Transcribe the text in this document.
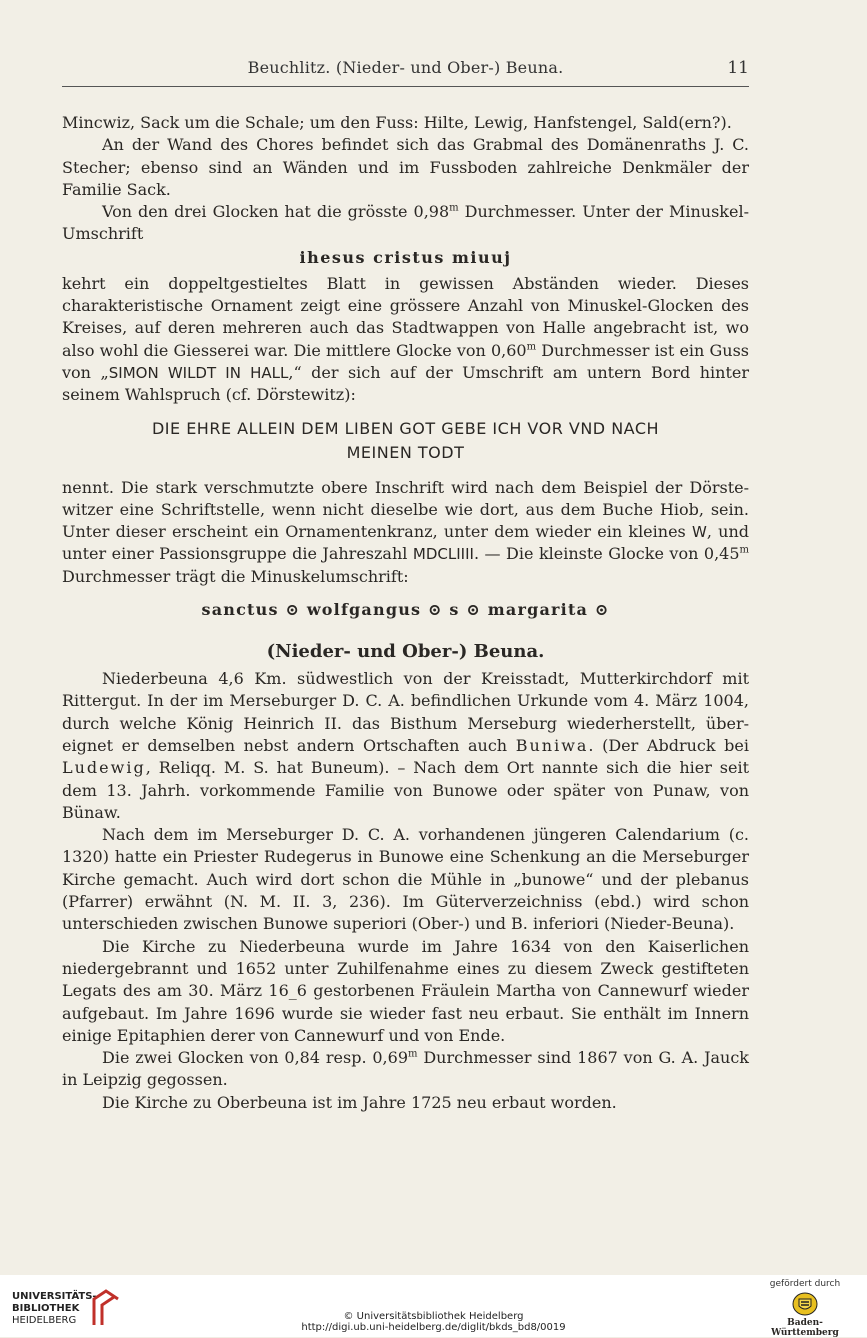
Beuchlitz. (Nieder- und Ober-) Beuna.	11

Mincwiz, Sack um die Schale; um den Fuss: Hilte, Lewig, Hanfstengel, Sald(ern?).

An der Wand des Chores befindet sich das Grabmal des Domänenraths J. C. Stecher; ebenso sind an Wänden und im Fussboden zahlreiche Denkmäler der Familie Sack.

Von den drei Glocken hat die grösste 0,98$^m$ Durchmesser. Unter der Minuskel-Umschrift

ihesus cristus miuuj

kehrt ein doppeltgestieltes Blatt in gewissen Abständen wieder. Dieses charakteristische Ornament zeigt eine grössere Anzahl von Minuskel-Glocken des Kreises, auf deren mehreren auch das Stadtwappen von Halle angebracht ist, wo also wohl die Giesserei war. Die mittlere Glocke von 0,60$^m$ Durchmesser ist ein Guss von „SIMON WILDT IN HALL,“ der sich auf der Umschrift am untern Bord hinter seinem Wahlspruch (cf. Dörstewitz):

DIE EHRE ALLEIN DEM LIBEN GOT GEBE ICH VOR VND NACH
MEINEN TODT

nennt. Die stark verschmutzte obere Inschrift wird nach dem Beispiel der Dörste-witzer eine Schriftstelle, wenn nicht dieselbe wie dort, aus dem Buche Hiob, sein. Unter dieser erscheint ein Ornamentenkranz, unter dem wieder ein kleines W, und unter einer Passionsgruppe die Jahreszahl MDCLIIII. — Die kleinste Glocke von 0,45$^m$ Durchmesser trägt die Minuskelumschrift:

sanctus ⊙ wolfgangus ⊙ s ⊙ margarita ⊙
(Nieder- und Ober-) Beuna.

Niederbeuna 4,6 Km. südwestlich von der Kreisstadt, Mutterkirchdorf mit Rittergut. In der im Merseburger D. C. A. befindlichen Urkunde vom 4. März 1004, durch welche König Heinrich II. das Bisthum Merseburg wiederherstellt, über-eignet er demselben nebst andern Ortschaften auch Buniwa. (Der Abdruck bei Ludewig, Reliqq. M. S. hat Buneum). – Nach dem Ort nannte sich die hier seit dem 13. Jahrh. vorkommende Familie von Bunowe oder später von Punaw, von Bünaw.

Nach dem im Merseburger D. C. A. vorhandenen jüngeren Calendarium (c. 1320) hatte ein Priester Rudegerus in Bunowe eine Schenkung an die Merseburger Kirche gemacht. Auch wird dort schon die Mühle in „bunowe“ und der plebanus (Pfarrer) erwähnt (N. M. II. 3, 236). Im Güterverzeichniss (ebd.) wird schon unterschieden zwischen Bunowe superiori (Ober-) und B. inferiori (Nieder-Beuna).

Die Kirche zu Niederbeuna wurde im Jahre 1634 von den Kaiserlichen niedergebrannt und 1652 unter Zuhilfenahme eines zu diesem Zweck gestifteten Legats des am 30. März 16_6 gestorbenen Fräulein Martha von Cannewurf wieder aufgebaut. Im Jahre 1696 wurde sie wieder fast neu erbaut. Sie enthält im Innern einige Epitaphien derer von Cannewurf und von Ende.

Die zwei Glocken von 0,84 resp. 0,69$^m$ Durchmesser sind 1867 von G. A. Jauck in Leipzig gegossen.

Die Kirche zu Oberbeuna ist im Jahre 1725 neu erbaut worden.

UNIVERSITÄTS-
BIBLIOTHEK
HEIDELBERG	© Universitätsbibliothek Heidelberg
http://digi.ub.uni-heidelberg.de/diglit/bkds_bd8/0019
gefördert durch
Baden-Württemberg
